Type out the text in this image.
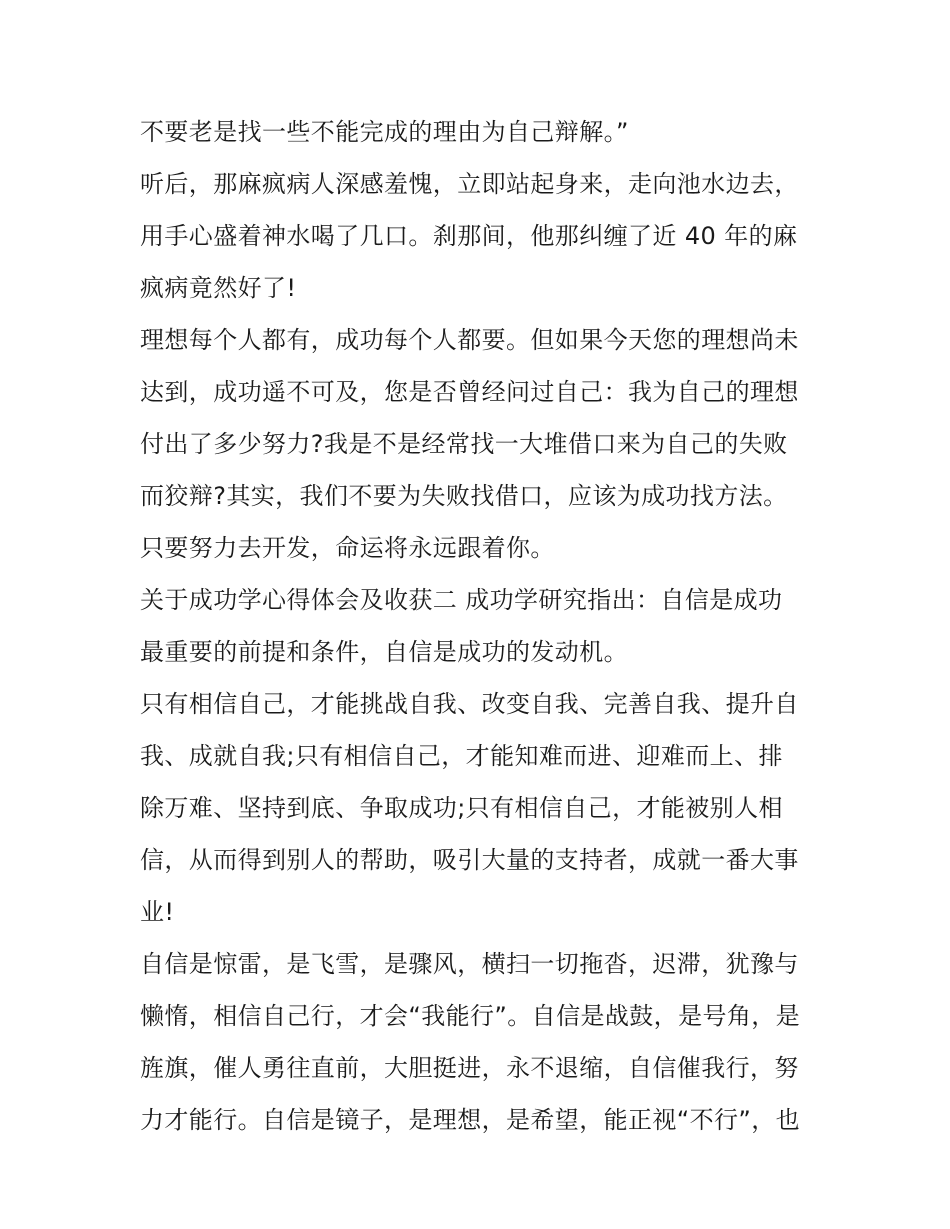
不要老是找一些不能完成的理由为自己辩解。”

听后，那麻疯病人深感羞愧，立即站起身来，走向池水边去，

用手心盛着神水喝了几口。刹那间，他那纠缠了近 40 年的麻

疯病竟然好了!

理想每个人都有，成功每个人都要。但如果今天您的理想尚未

达到，成功遥不可及，您是否曾经问过自己：我为自己的理想

付出了多少努力?我是不是经常找一大堆借口来为自己的失败

而狡辩?其实，我们不要为失败找借口，应该为成功找方法。

只要努力去开发，命运将永远跟着你。

关于成功学心得体会及收获二 成功学研究指出：自信是成功

最重要的前提和条件，自信是成功的发动机。

只有相信自己，才能挑战自我、改变自我、完善自我、提升自

我、成就自我;只有相信自己，才能知难而进、迎难而上、排

除万难、坚持到底、争取成功;只有相信自己，才能被别人相

信，从而得到别人的帮助，吸引大量的支持者，成就一番大事

业!

自信是惊雷，是飞雪，是骤风，横扫一切拖沓，迟滞，犹豫与

懒惰，相信自己行，才会“我能行”。自信是战鼓，是号角，是

旌旗，催人勇往直前，大胆挺进，永不退缩，自信催我行，努

力才能行。自信是镜子，是理想，是希望，能正视“不行”，也
